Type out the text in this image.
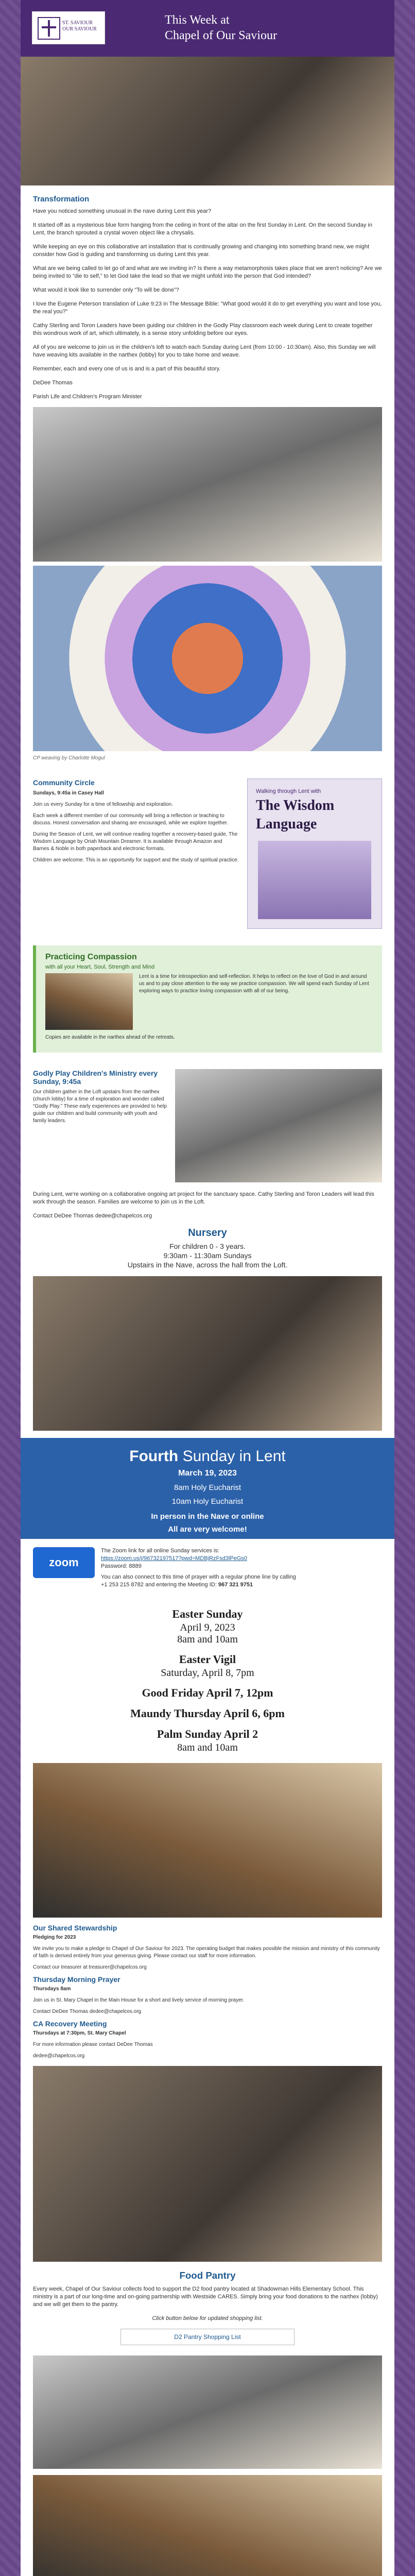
ST. SAVIOUR
OUR SAVIOUR
This Week at
Chapel of Our Saviour
Transformation

Have you noticed something unusual in the nave during Lent this year?

It started off as a mysterious blue form hanging from the ceiling in front of the altar on the first Sunday in Lent. On the second Sunday in Lent, the branch sprouted a crystal woven object like a chrysalis.

While keeping an eye on this collaborative art installation that is continually growing and changing into something brand new, we might consider how God is guiding and transforming us during Lent this year.

What are we being called to let go of and what are we inviting in? Is there a way metamorphosis takes place that we aren't noticing? Are we being invited to “die to self,” to let God take the lead so that we might unfold into the person that God intended?

What would it look like to surrender only “To will be done”?

I love the Eugene Peterson translation of Luke 9:23 in The Message Bible: “What good would it do to get everything you want and lose you, the real you?”

Cathy Sterling and Toron Leaders have been guiding our children in the Godly Play classroom each week during Lent to create together this wondrous work of art, which ultimately, is a sense story unfolding before our eyes.

All of you are welcome to join us in the children's loft to watch each Sunday during Lent (from 10:00 - 10:30am). Also, this Sunday we will have weaving kits available in the narthex (lobby) for you to take home and weave.

Remember, each and every one of us is and is a part of this beautiful story.

DeDee Thomas

Parish Life and Children's Program Minister

CP weaving by Charlotte Mogul
Community Circle
Sundays, 9:45a in Casey Hall

Join us every Sunday for a time of fellowship and exploration.

Each week a different member of our community will bring a reflection or teaching to discuss. Honest conversation and sharing are encouraged, while we explore together.

During the Season of Lent, we will continue reading together a recovery-based guide, The Wisdom Language by Oriah Mountain Dreamer. It is available through Amazon and Barnes & Noble in both paperback and electronic formats.

Children are welcome. This is an opportunity for support and the study of spiritual practice.

Walking through Lent with
The Wisdom
Language
Practicing Compassion
with all your Heart, Soul, Strength and Mind
Lent is a time for introspection and self-reflection. It helps to reflect on the love of God in and around us and to pay close attention to the way we practice compassion. We will spend each Sunday of Lent exploring ways to practice loving compassion with all of our being.
Copies are available in the narthex ahead of the retreats.
Godly Play Children's Ministry every Sunday, 9:45a

Our children gather in the Loft upstairs from the narthex (church lobby) for a time of exploration and wonder called “Godly Play.” These early experiences are provided to help guide our children and build community with youth and family leaders.

During Lent, we're working on a collaborative ongoing art project for the sanctuary space. Cathy Sterling and Toron Leaders will lead this work through the season. Families are welcome to join us in the Loft.

Contact DeDee Thomas dedee@chapelcos.org

Nursery

For children 0 - 3 years.

9:30am - 11:30am Sundays

Upstairs in the Nave, across the hall from the Loft.

Fourth Sunday in Lent
March 19, 2023
8am Holy Eucharist
10am Holy Eucharist
In person in the Nave or online
All are very welcome!
zoom
The Zoom link for all online Sunday services is:
https://zoom.us/j/96732197517?pwd=MDBjRzFsd3lPeGs0
Password: 8889
You can also connect to this time of prayer with a regular phone line by calling
+1 253 215 8782 and entering the Meeting ID: 967 321 9751
Easter Sunday
April 9, 2023
8am and 10am
Easter Vigil
Saturday, April 8, 7pm
Good Friday April 7, 12pm
Maundy Thursday April 6, 6pm
Palm Sunday April 2
8am and 10am
Our Shared Stewardship
Pledging for 2023

We invite you to make a pledge to Chapel of Our Saviour for 2023. The operating budget that makes possible the mission and ministry of this community of faith is derived entirely from your generous giving. Please contact our staff for more information.

Contact our treasurer at treasurer@chapelcos.org

Thursday Morning Prayer
Thursdays 8am

Join us in St. Mary Chapel in the Main House for a short and lively service of morning prayer.

Contact DeDee Thomas dedee@chapelcos.org

CA Recovery Meeting
Thursdays at 7:30pm, St. Mary Chapel

For more information please contact DeDee Thomas

dedee@chapelcos.org

Food Pantry

Every week, Chapel of Our Saviour collects food to support the D2 food pantry located at Shadowman Hills Elementary School. This ministry is a part of our long-time and on-going partnership with Westside CARES. Simply bring your food donations to the narthex (lobby) and we will get them to the pantry.

Click button below for updated shopping list.

D2 Pantry Shopping List
